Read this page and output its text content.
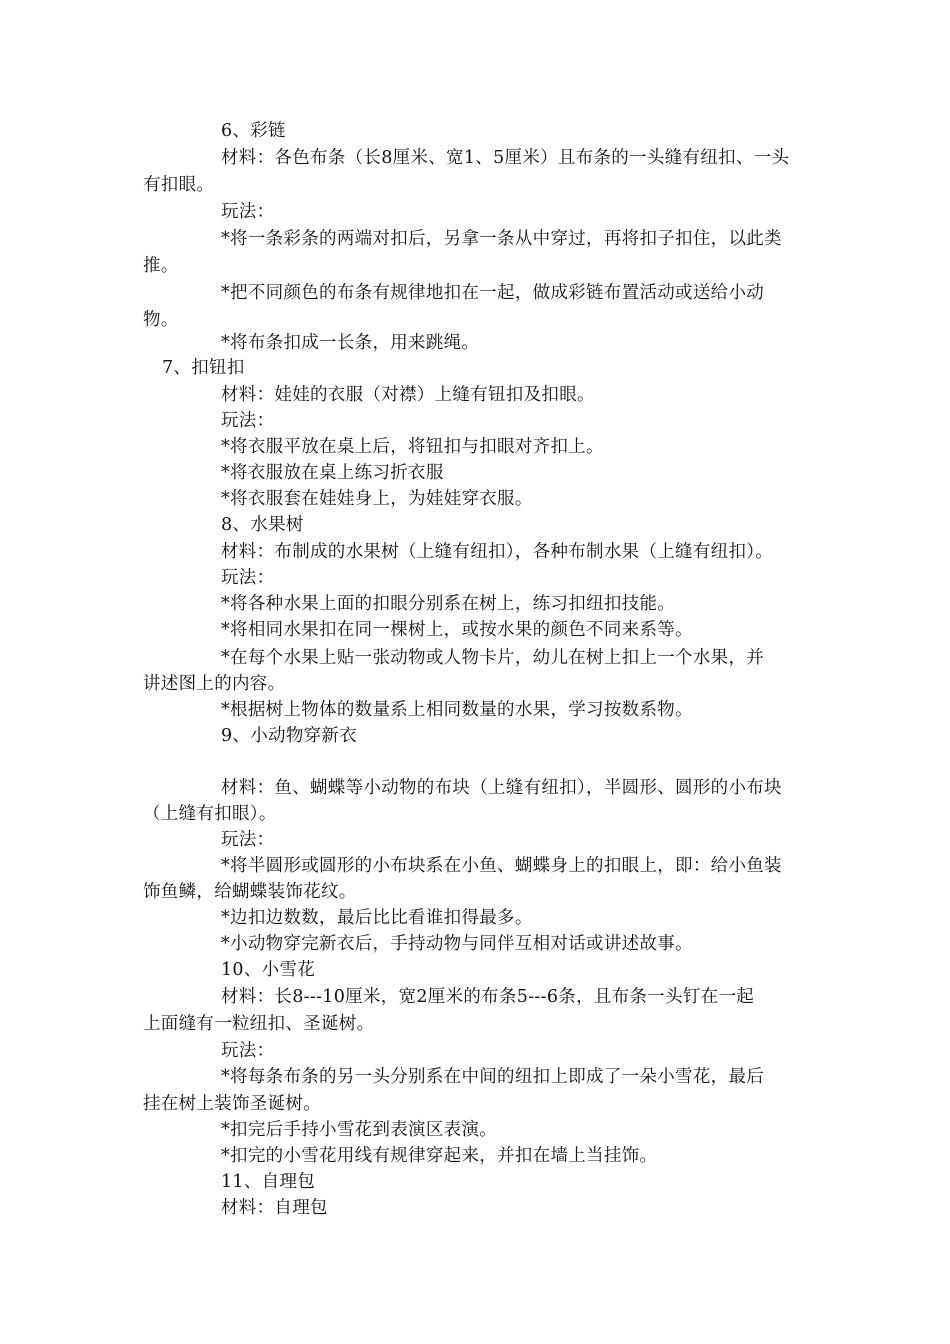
6、彩链
材料：各色布条（长8厘米、宽1、5厘米）且布条的一头缝有纽扣、一头
有扣眼。
玩法：
*将一条彩条的两端对扣后，另拿一条从中穿过，再将扣子扣住，以此类
推。
*把不同颜色的布条有规律地扣在一起，做成彩链布置活动或送给小动
物。
*将布条扣成一长条，用来跳绳。
7、扣钮扣
材料：娃娃的衣服（对襟）上缝有钮扣及扣眼。
玩法：
*将衣服平放在桌上后，将钮扣与扣眼对齐扣上。
*将衣服放在桌上练习折衣服
*将衣服套在娃娃身上，为娃娃穿衣服。
8、水果树
材料：布制成的水果树（上缝有纽扣），各种布制水果（上缝有纽扣）。
玩法：
*将各种水果上面的扣眼分别系在树上，练习扣纽扣技能。
*将相同水果扣在同一棵树上，或按水果的颜色不同来系等。
*在每个水果上贴一张动物或人物卡片，幼儿在树上扣上一个水果，并
讲述图上的内容。
*根据树上物体的数量系上相同数量的水果，学习按数系物。
9、小动物穿新衣
材料：鱼、蝴蝶等小动物的布块（上缝有纽扣），半圆形、圆形的小布块
（上缝有扣眼）。
玩法：
*将半圆形或圆形的小布块系在小鱼、蝴蝶身上的扣眼上，即：给小鱼装
饰鱼鳞，给蝴蝶装饰花纹。
*边扣边数数，最后比比看谁扣得最多。
*小动物穿完新衣后，手持动物与同伴互相对话或讲述故事。
10、小雪花
材料：长8---10厘米，宽2厘米的布条5---6条，且布条一头钉在一起
上面缝有一粒纽扣、圣诞树。
玩法：
*将每条布条的另一头分别系在中间的纽扣上即成了一朵小雪花，最后
挂在树上装饰圣诞树。
*扣完后手持小雪花到表演区表演。
*扣完的小雪花用线有规律穿起来，并扣在墙上当挂饰。
11、自理包
材料：自理包
